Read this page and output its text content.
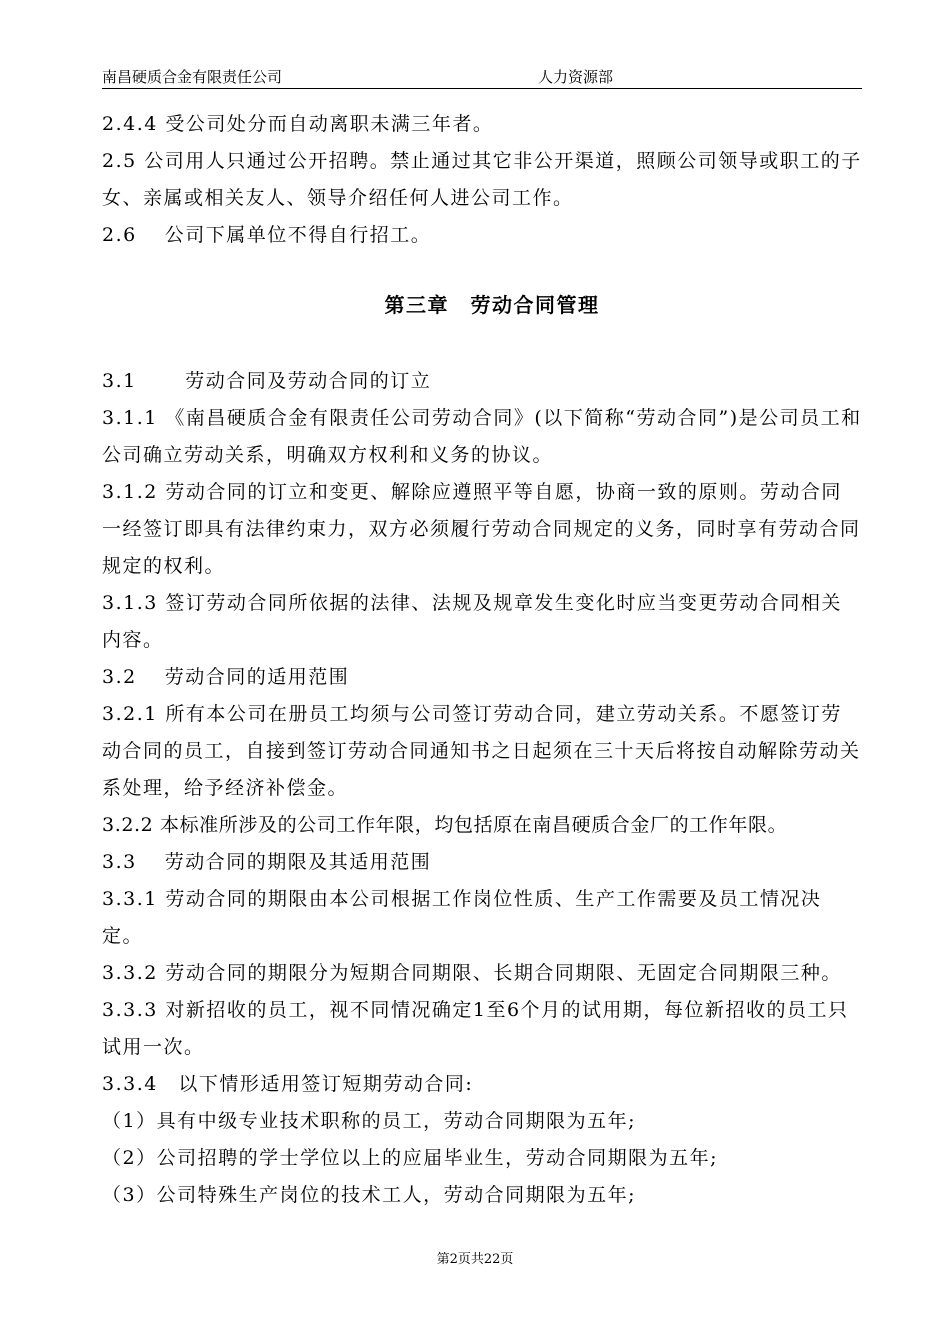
南昌硬质合金有限责任公司	人力资源部

2.4.4 受公司处分而自动离职未满三年者。

2.5 公司用人只通过公开招聘。禁止通过其它非公开渠道，照顾公司领导或职工的子女、亲属或相关友人、领导介绍任何人进公司工作。

2.6　 公司下属单位不得自行招工。

第三章　劳动合同管理

3.1　　 劳动合同及劳动合同的订立

3.1.1 《南昌硬质合金有限责任公司劳动合同》(以下简称“劳动合同”)是公司员工和公司确立劳动关系，明确双方权利和义务的协议。

3.1.2 劳动合同的订立和变更、解除应遵照平等自愿，协商一致的原则。劳动合同一经签订即具有法律约束力，双方必须履行劳动合同规定的义务，同时享有劳动合同规定的权利。

3.1.3 签订劳动合同所依据的法律、法规及规章发生变化时应当变更劳动合同相关内容。

3.2　 劳动合同的适用范围

3.2.1 所有本公司在册员工均须与公司签订劳动合同，建立劳动关系。不愿签订劳动合同的员工，自接到签订劳动合同通知书之日起须在三十天后将按自动解除劳动关系处理，给予经济补偿金。

3.2.2 本标准所涉及的公司工作年限，均包括原在南昌硬质合金厂的工作年限。

3.3　 劳动合同的期限及其适用范围

3.3.1 劳动合同的期限由本公司根据工作岗位性质、生产工作需要及员工情况决定。

3.3.2 劳动合同的期限分为短期合同期限、长期合同期限、无固定合同期限三种。

3.3.3 对新招收的员工，视不同情况确定1至6个月的试用期，每位新招收的员工只试用一次。

3.3.4　以下情形适用签订短期劳动合同:

（1）具有中级专业技术职称的员工，劳动合同期限为五年;

（2）公司招聘的学士学位以上的应届毕业生，劳动合同期限为五年;

（3）公司特殊生产岗位的技术工人，劳动合同期限为五年;

第2页共22页
